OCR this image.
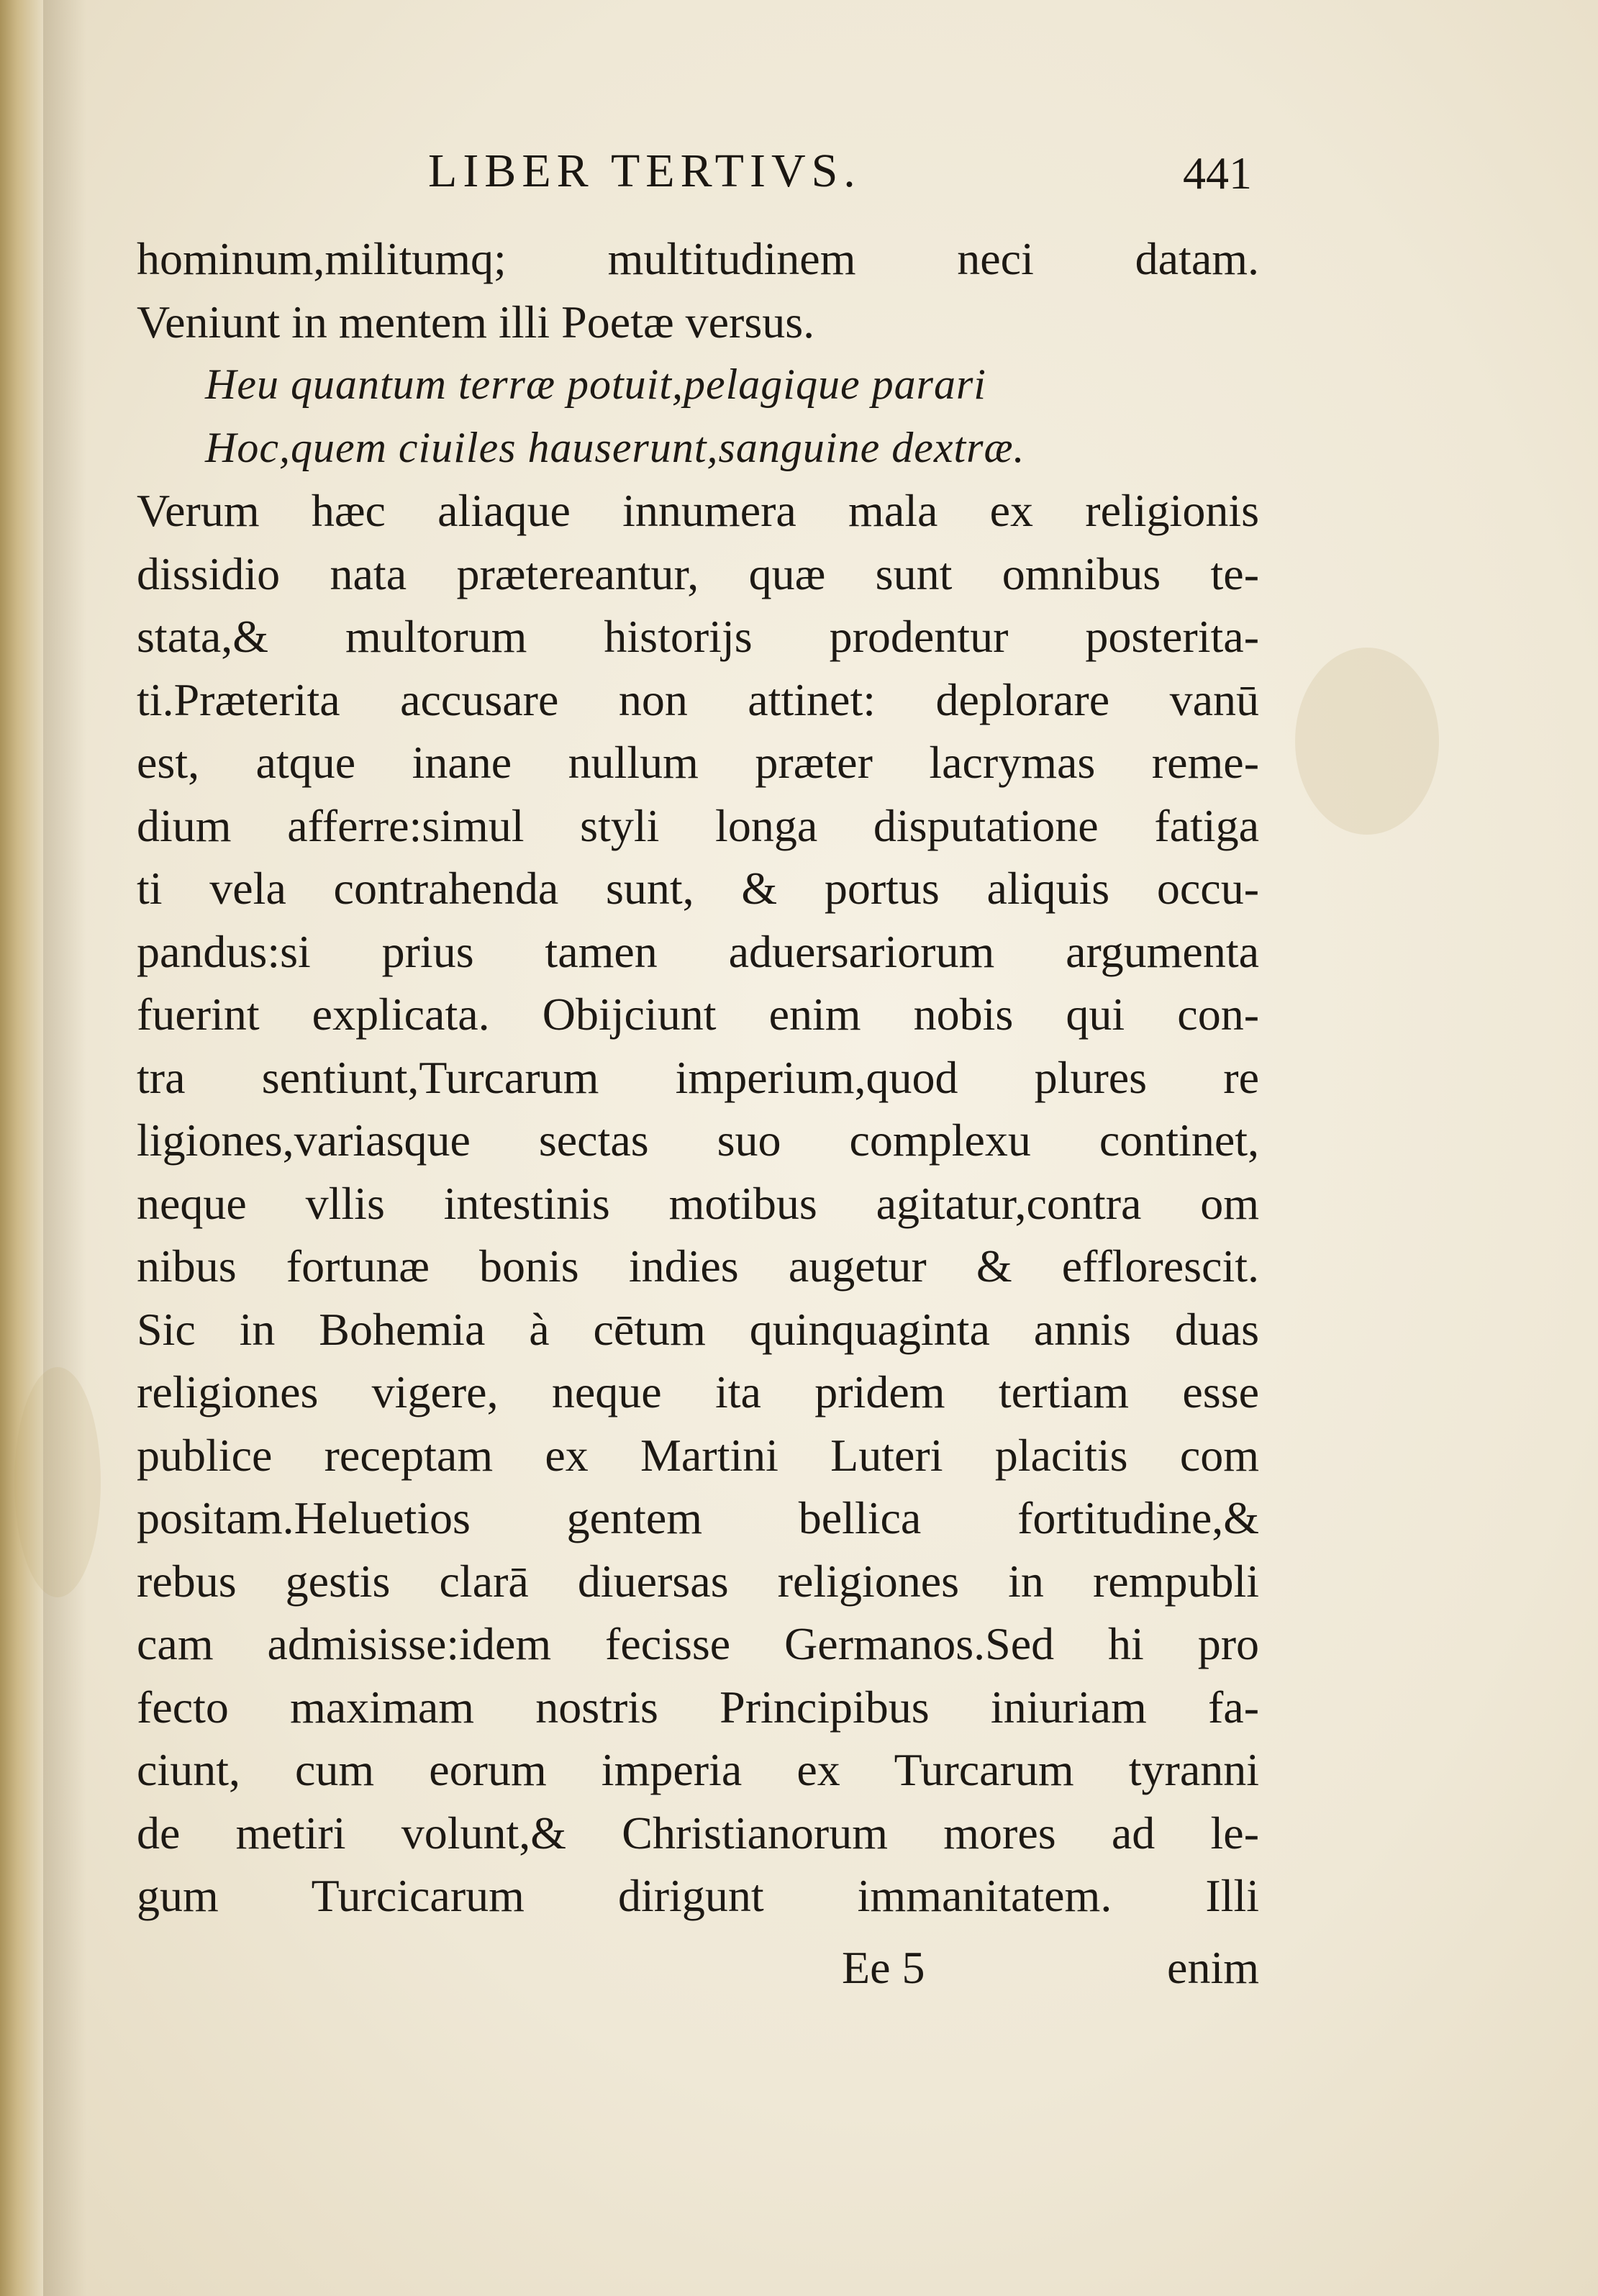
LIBER TERTIVS.	441
hominum,militumq; multitudinem neci datam.
Veniunt in mentem illi Poetæ versus.
Heu quantum terræ potuit,pelagique parari
Hoc,quem ciuiles hauserunt,sanguine dextræ.
Verum hæc aliaque innumera mala ex religionis
dissidio nata prætereantur, quæ sunt omnibus te-
stata,& multorum historijs prodentur posterita-
ti.Præterita accusare non attinet: deplorare vanū
est, atque inane nullum præter lacrymas reme-
dium afferre:simul styli longa disputatione fatiga
ti vela contrahenda sunt, & portus aliquis occu-
pandus:si prius tamen aduersariorum argumenta
fuerint explicata. Obijciunt enim nobis qui con-
tra sentiunt,Turcarum imperium,quod plures re
ligiones,variasque sectas suo complexu continet,
neque vllis intestinis motibus agitatur,contra om
nibus fortunæ bonis indies augetur & efflorescit.
Sic in Bohemia à cētum quinquaginta annis duas
religiones vigere, neque ita pridem tertiam esse
publice receptam ex Martini Luteri placitis com
positam.Heluetios gentem bellica fortitudine,&
rebus gestis clarā diuersas religiones in rempubli
cam admisisse:idem fecisse Germanos.Sed hi pro
fecto maximam nostris Principibus iniuriam fa-
ciunt, cum eorum imperia ex Turcarum tyranni
de metiri volunt,& Christianorum mores ad le-
gum Turcicarum dirigunt immanitatem. Illi
Ee 5	enim
